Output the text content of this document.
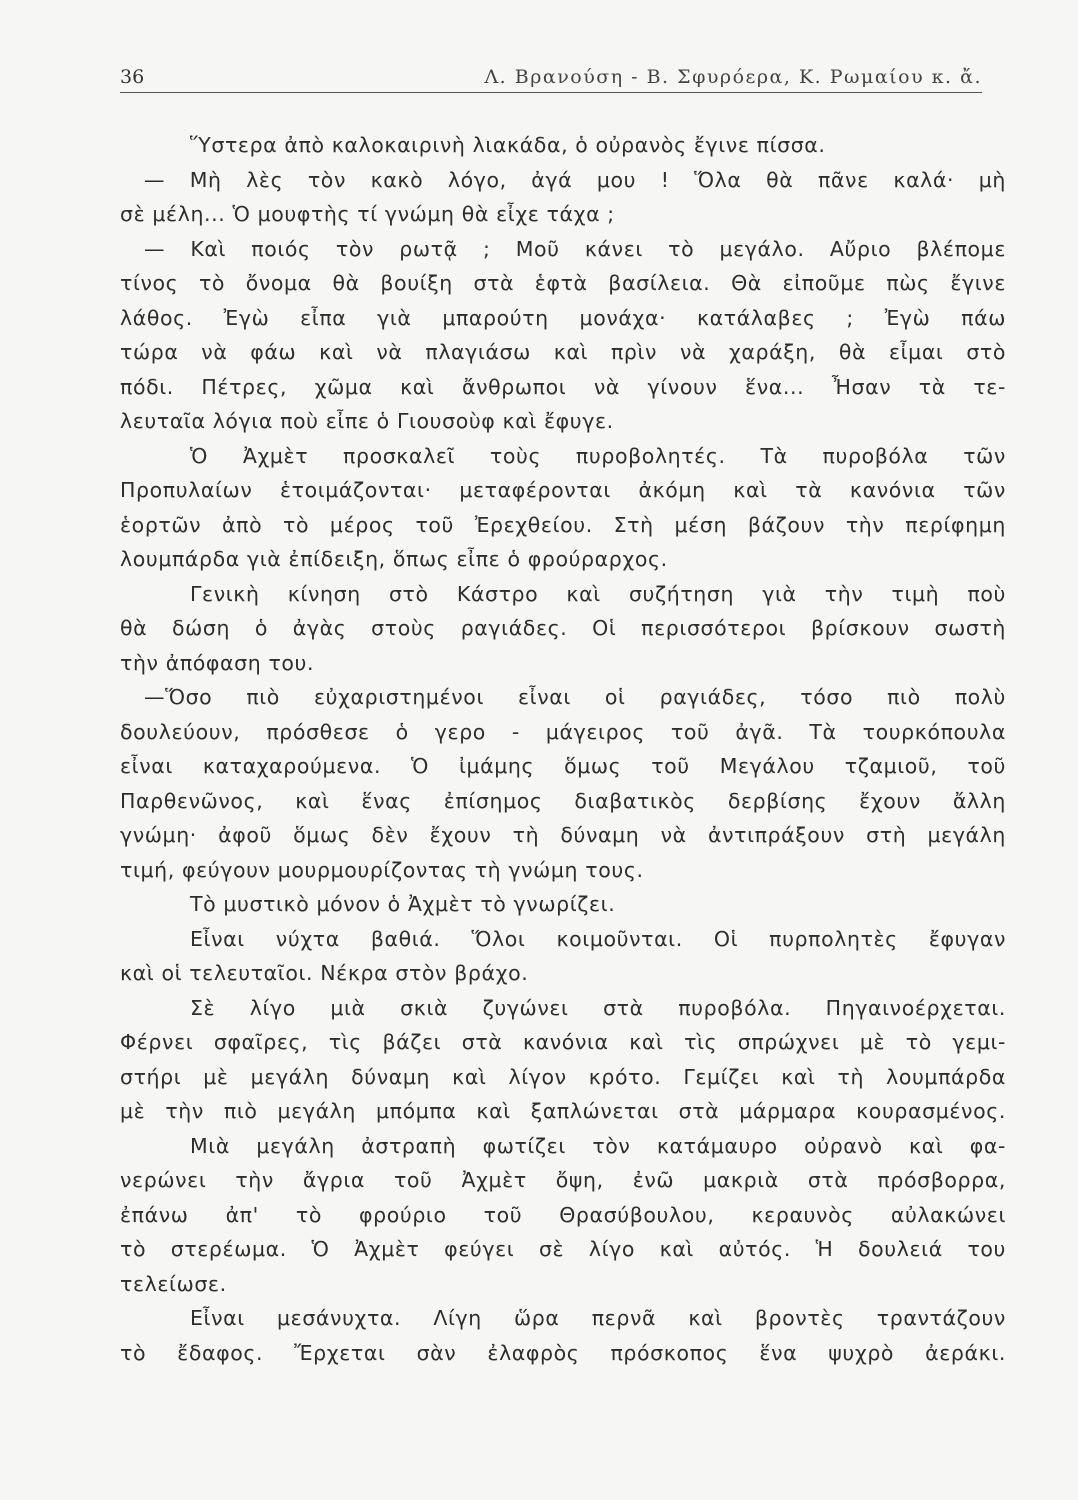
36	Λ. Βρανούση - Β. Σφυρόερα, Κ. Ρωμαίου κ. ἄ.
Ὕστερα ἀπὸ καλοκαιρινὴ λιακάδα, ὁ οὐρανὸς ἔγινε πίσσα.
— Μὴ λὲς τὸν κακὸ λόγο, ἀγά μου ! Ὅλα θὰ πᾶνε καλά· μὴ
σὲ μέλη... Ὁ μουφτὴς τί γνώμη θὰ εἶχε τάχα ;
— Καὶ ποιός τὸν ρωτᾷ ; Μοῦ κάνει τὸ μεγάλο. Αὔριο βλέπομε
τίνος τὸ ὄνομα θὰ βουίξη στὰ ἑφτὰ βασίλεια. Θὰ εἰποῦμε πὼς ἔγινε
λάθος. Ἐγὼ εἶπα γιὰ μπαρούτη μονάχα· κατάλαβες ; Ἐγὼ πάω
τώρα νὰ φάω καὶ νὰ πλαγιάσω καὶ πρὶν νὰ χαράξη, θὰ εἶμαι στὸ
πόδι. Πέτρες, χῶμα καὶ ἄνθρωποι νὰ γίνουν ἕνα... Ἦσαν τὰ τε-
λευταῖα λόγια ποὺ εἶπε ὁ Γιουσοὺφ καὶ ἔφυγε.
Ὁ Ἀχμὲτ προσκαλεῖ τοὺς πυροβολητές. Τὰ πυροβόλα τῶν
Προπυλαίων ἑτοιμάζονται· μεταφέρονται ἀκόμη καὶ τὰ κανόνια τῶν
ἑορτῶν ἀπὸ τὸ μέρος τοῦ Ἐρεχθείου. Στὴ μέση βάζουν τὴν περίφημη
λουμπάρδα γιὰ ἐπίδειξη, ὅπως εἶπε ὁ φρούραρχος.
Γενικὴ κίνηση στὸ Κάστρο καὶ συζήτηση γιὰ τὴν τιμὴ ποὺ
θὰ δώση ὁ ἀγὰς στοὺς ραγιάδες. Οἱ περισσότεροι βρίσκουν σωστὴ
τὴν ἀπόφαση του.
—Ὅσο πιὸ εὐχαριστημένοι εἶναι οἱ ραγιάδες, τόσο πιὸ πολὺ
δουλεύουν, πρόσθεσε ὁ γερο - μάγειρος τοῦ ἀγᾶ. Τὰ τουρκόπουλα
εἶναι καταχαρούμενα. Ὁ ἰμάμης ὅμως τοῦ Μεγάλου τζαμιοῦ, τοῦ
Παρθενῶνος, καὶ ἕνας ἐπίσημος διαβατικὸς δερβίσης ἔχουν ἄλλη
γνώμη· ἀφοῦ ὅμως δὲν ἔχουν τὴ δύναμη νὰ ἀντιπράξουν στὴ μεγάλη
τιμή, φεύγουν μουρμουρίζοντας τὴ γνώμη τους.
Τὸ μυστικὸ μόνον ὁ Ἀχμὲτ τὸ γνωρίζει.
Εἶναι νύχτα βαθιά. Ὅλοι κοιμοῦνται. Οἱ πυρπολητὲς ἔφυγαν
καὶ οἱ τελευταῖοι. Νέκρα στὸν βράχο.
Σὲ λίγο μιὰ σκιὰ ζυγώνει στὰ πυροβόλα. Πηγαινοέρχεται.
Φέρνει σφαῖρες, τὶς βάζει στὰ κανόνια καὶ τὶς σπρώχνει μὲ τὸ γεμι-
στήρι μὲ μεγάλη δύναμη καὶ λίγον κρότο. Γεμίζει καὶ τὴ λουμπάρδα
μὲ τὴν πιὸ μεγάλη μπόμπα καὶ ξαπλώνεται στὰ μάρμαρα κουρασμένος.
Μιὰ μεγάλη ἀστραπὴ φωτίζει τὸν κατάμαυρο οὐρανὸ καὶ φα-
νερώνει τὴν ἄγρια τοῦ Ἀχμὲτ ὄψη, ἐνῶ μακριὰ στὰ πρόσβορρα,
ἐπάνω ἀπ' τὸ φρούριο τοῦ Θρασύβουλου, κεραυνὸς αὐλακώνει
τὸ στερέωμα. Ὁ Ἀχμὲτ φεύγει σὲ λίγο καὶ αὐτός. Ἡ δουλειά του
τελείωσε.
Εἶναι μεσάνυχτα. Λίγη ὥρα περνᾶ καὶ βροντὲς τραντάζουν
τὸ ἔδαφος. Ἔρχεται σὰν ἐλαφρὸς πρόσκοπος ἕνα ψυχρὸ ἀεράκι.
